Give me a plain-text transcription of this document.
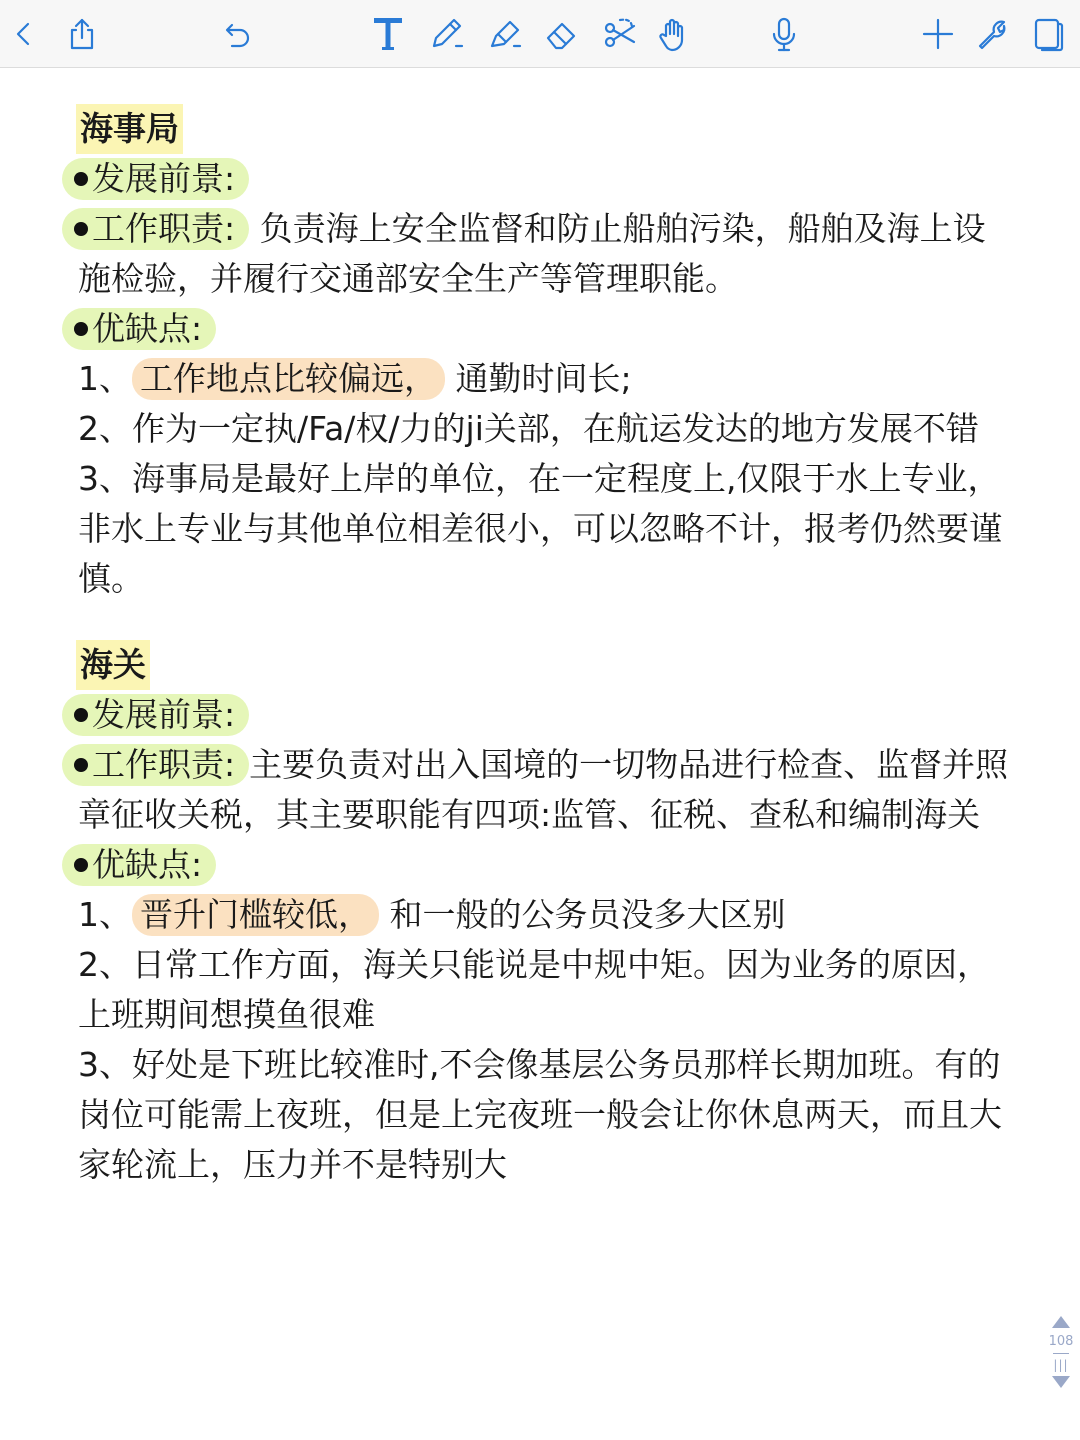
海事局
发展前景:
工作职责: 负责海上安全监督和防止船舶污染，船舶及海上设施检验，并履行交通部安全生产等管理职能。
优缺点:
1、 工作地点比较偏远， 通勤时间长;
2、作为一定执/Fa/权/力的ji关部，在航运发达的地方发展不错
3、海事局是最好上岸的单位，在一定程度上,仅限于水上专业，非水上专业与其他单位相差很小，可以忽略不计，报考仍然要谨慎。
海关
发展前景:
工作职责: 主要负责对出入国境的一切物品进行检查、监督并照章征收关税，其主要职能有四项:监管、征税、查私和编制海关
优缺点:
1、 晋升门槛较低， 和一般的公务员没多大区别
2、日常工作方面，海关只能说是中规中矩。因为业务的原因，上班期间想摸鱼很难
3、好处是下班比较准时,不会像基层公务员那样长期加班。有的岗位可能需上夜班，但是上完夜班一般会让你休息两天，而且大家轮流上，压力并不是特别大
108
|||
